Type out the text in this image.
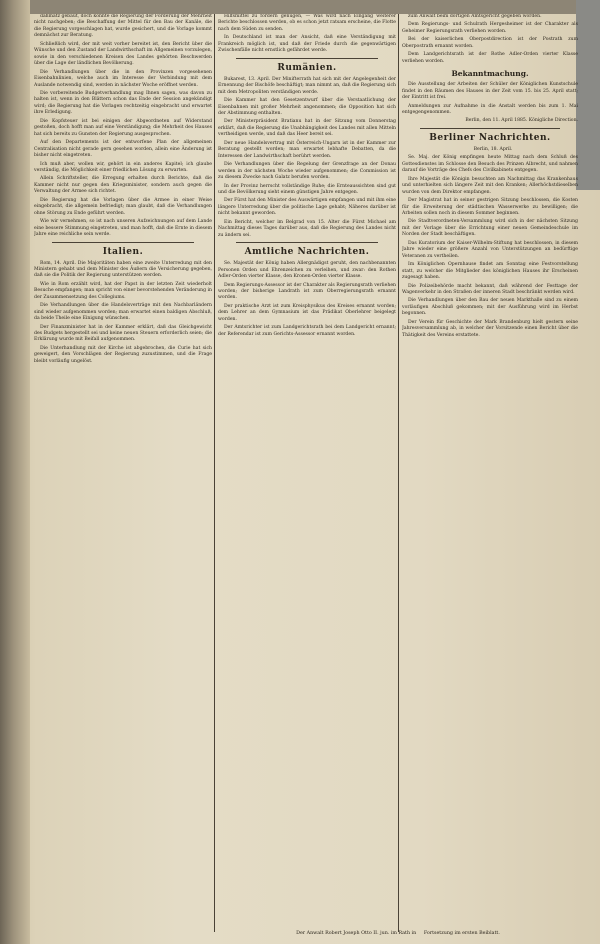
dahmatz gebaut, doch konnte die Regierung der Forderung der Mehrheit nicht nachgeben; die Beschaffung der Mittel für den Bau der Kanäle, die die Regierung vorgeschlagen hat, wurde gesichert, und die Vorlage kommt demnächst zur Beratung.

Schließlich wird, der mit weit vorher bereitet ist, den Bericht über die Wünsche und den Zustand der Landwirthschaft im Allgemeinen vorzulegen, sowie in den verschiedenen Kreisen des Landes gehörten Beschwerden über die Lage der ländlichen Bevölkerung.

Die Verhandlungen über die in den Provinzen vorgesehenen Eisenbahnlinien, welche auch im Interesse der Verbindung mit dem Auslande notwendig sind, werden in nächster Woche eröffnet werden.

Die vorbereitende Budgetverhandlung mag Ihnen sagen, was davon zu halten ist, wenn in den Blättern schon das Ende der Session angekündigt wird; die Regierung hat die Vorlagen rechtzeitig eingebracht und erwartet ihre Erledigung.

Die Kopfsteuer ist bei einigen der Abgeordneten auf Widerstand gestoßen, doch hofft man auf eine Verständigung; die Mehrheit des Hauses hat sich bereits zu Gunsten der Regierung ausgesprochen.

Auf den Departements ist der entworfene Plan der allgemeinen Centralisation nicht gerade gern gesehen worden, allein eine Änderung ist bisher nicht eingetreten.

Ich muß aber, wollen wir, gehört in ein anderes Kapitel; ich glaube verständig, die Möglichkeit einer friedlichen Lösung zu erwarten.

Allein Schriftsteller, die Erregung erhalten durch Berichte, daß die Kammer nicht nur gegen den Kriegsminister, sondern auch gegen die Verwaltung der Armee sich richtet.

Die Regierung hat die Vorlagen über die Armee in einer Weise eingebracht, die allgemein befriedigt; man glaubt, daß die Verhandlungen ohne Störung zu Ende geführt werden.

Wie wir vernehmen, so ist nach unseren Aufzeichnungen auf dem Lande eine bessere Stimmung eingetreten, und man hofft, daß die Ernte in diesem Jahre eine reichliche sein werde.

Italien.

Rom, 14. April. Die Majoritäten haben eine zweite Unterredung mit den Ministern gehabt und dem Minister des Äußern die Versicherung gegeben, daß sie die Politik der Regierung unterstützen werden.

Wie in Rom erzählt wird, hat der Papst in der letzten Zeit wiederholt Besuche empfangen; man spricht von einer bevorstehenden Veränderung in der Zusammensetzung des Collegiums.

Die Verhandlungen über die Handelsverträge mit den Nachbarländern sind wieder aufgenommen worden; man erwartet einen baldigen Abschluß, da beide Theile eine Einigung wünschen.

Der Finanzminister hat in der Kammer erklärt, daß das Gleichgewicht des Budgets hergestellt sei und keine neuen Steuern erforderlich seien; die Erklärung wurde mit Beifall aufgenommen.

Die Unterhandlung mit der Kirche ist abgebrochen, die Curie hat sich geweigert, den Vorschlägen der Regierung zuzustimmen, und die Frage bleibt vorläufig ungelöst.

Hilfsmittel zu fordern genügen, — Was wird nach Eingang weiterer Berichte beschlossen werden, ob es schon jetzt ratsam erscheine, die Flotte nach dem Süden zu senden.

In Deutschland ist man der Ansicht, daß eine Verständigung mit Frankreich möglich ist, und daß der Friede durch die gegenwärtigen Zwischenfälle nicht ernstlich gefährdet werde.

Rumänien.

Bukarest, 13. April. Der Minifterrath hat sich mit der Angelegenheit der Ernennung der Bischöfe beschäftigt; man nimmt an, daß die Regierung sich mit dem Metropoliten verständigen werde.

Die Kammer hat den Gesetzentwurf über die Verstaatlichung der Eisenbahnen mit großer Mehrheit angenommen; die Opposition hat sich der Abstimmung enthalten.

Der Ministerpräsident Bratianu hat in der Sitzung vom Donnerstag erklärt, daß die Regierung die Unabhängigkeit des Landes mit allen Mitteln vertheidigen werde, und daß das Heer bereit sei.

Der neue Handelsvertrag mit Österreich-Ungarn ist in der Kammer zur Beratung gestellt worden; man erwartet lebhafte Debatten, da die Interessen der Landwirthschaft berührt werden.

Die Verhandlungen über die Regelung der Grenzfrage an der Donau werden in der nächsten Woche wieder aufgenommen; die Commission ist zu diesem Zwecke nach Galatz berufen worden.

In der Provinz herrscht vollständige Ruhe; die Ernteaussichten sind gut und die Bevölkerung sieht einem günstigen Jahre entgegen.

Der Fürst hat den Minister des Auswärtigen empfangen und mit ihm eine längere Unterredung über die politische Lage gehabt; Näheres darüber ist nicht bekannt geworden.

Ein Bericht, welcher im Belgrad von 15. Alter die Fürst Michael am Nachmittag dieses Tages darüber aus, daß die Regierung des Landes nicht zu ändern sei.

Amtliche Nachrichten.

Se. Majestät der König haben Allergnädigst geruht, den nachbenannten Personen Orden und Ehrenzeichen zu verleihen, und zwar: den Rothen Adler-Orden vierter Klasse, den Kronen-Orden vierter Klasse.

Dem Regierungs-Assessor ist der Charakter als Regierungsrath verliehen worden; der bisherige Landrath ist zum Oberregierungsrath ernannt worden.

Der praktische Arzt ist zum Kreisphysikus des Kreises ernannt worden; dem Lehrer an dem Gymnasium ist das Prädikat Oberlehrer beigelegt worden.

Der Amtsrichter ist zum Landgerichtsrath bei dem Landgericht ernannt; der Referendar ist zum Gerichts-Assessor ernannt worden.

zum Anwalt beim dortigen Amtsgericht gegeben worden.

Dem Regierungs- und Schulrath Hergesheimer ist der Charakter als Geheimer Regierungsrath verliehen worden.

Bei der kaiserlichen Oberpostdirection ist der Postrath zum Oberpostrath ernannt worden.

Dem Landgerichtsrath ist der Rothe Adler-Orden vierter Klasse verliehen worden.

Bekanntmachung.

Die Ausstellung der Arbeiten der Schüler der Königlichen Kunstschule findet in den Räumen des Hauses in der Zeit vom 15. bis 25. April statt; der Eintritt ist frei.

Anmeldungen zur Aufnahme in die Anstalt werden bis zum 1. Mai entgegengenommen.

Berlin, den 11. April 1885. Königliche Direction.

Berliner Nachrichten.

Berlin, 18. April.

Se. Maj. der König empfingen heute Mittag nach dem Schluß des Gottesdienstes im Schlosse den Besuch des Prinzen Albrecht, und nahmen darauf die Vorträge des Chefs des Civilkabinets entgegen.

Ihre Majestät die Königin besuchten am Nachmittag das Krankenhaus und unterhielten sich längere Zeit mit den Kranken; Allerhöchstdieselben wurden von dem Direktor empfangen.

Der Magistrat hat in seiner gestrigen Sitzung beschlossen, die Kosten für die Erweiterung der städtischen Wasserwerke zu bewilligen; die Arbeiten sollen noch in diesem Sommer beginnen.

Die Stadtverordneten-Versammlung wird sich in der nächsten Sitzung mit der Vorlage über die Errichtung einer neuen Gemeindeschule im Norden der Stadt beschäftigen.

Das Kuratorium der Kaiser-Wilhelm-Stiftung hat beschlossen, in diesem Jahre wieder eine größere Anzahl von Unterstützungen an bedürftige Veteranen zu vertheilen.

Im Königlichen Opernhause findet am Sonntag eine Festvorstellung statt, zu welcher die Mitglieder des königlichen Hauses ihr Erscheinen zugesagt haben.

Die Polizeibehörde macht bekannt, daß während der Festtage der Wagenverkehr in den Straßen der inneren Stadt beschränkt werden wird.

Die Verhandlungen über den Bau der neuen Markthalle sind zu einem vorläufigen Abschluß gekommen; mit der Ausführung wird im Herbst begonnen.

Der Verein für Geschichte der Mark Brandenburg hielt gestern seine Jahresversammlung ab, in welcher der Vorsitzende einen Bericht über die Thätigkeit des Vereins erstattete.

Der Anwalt Robert Joseph Otto II. jun. im Rath in Fortsetzung im ersten Beiblatt.
